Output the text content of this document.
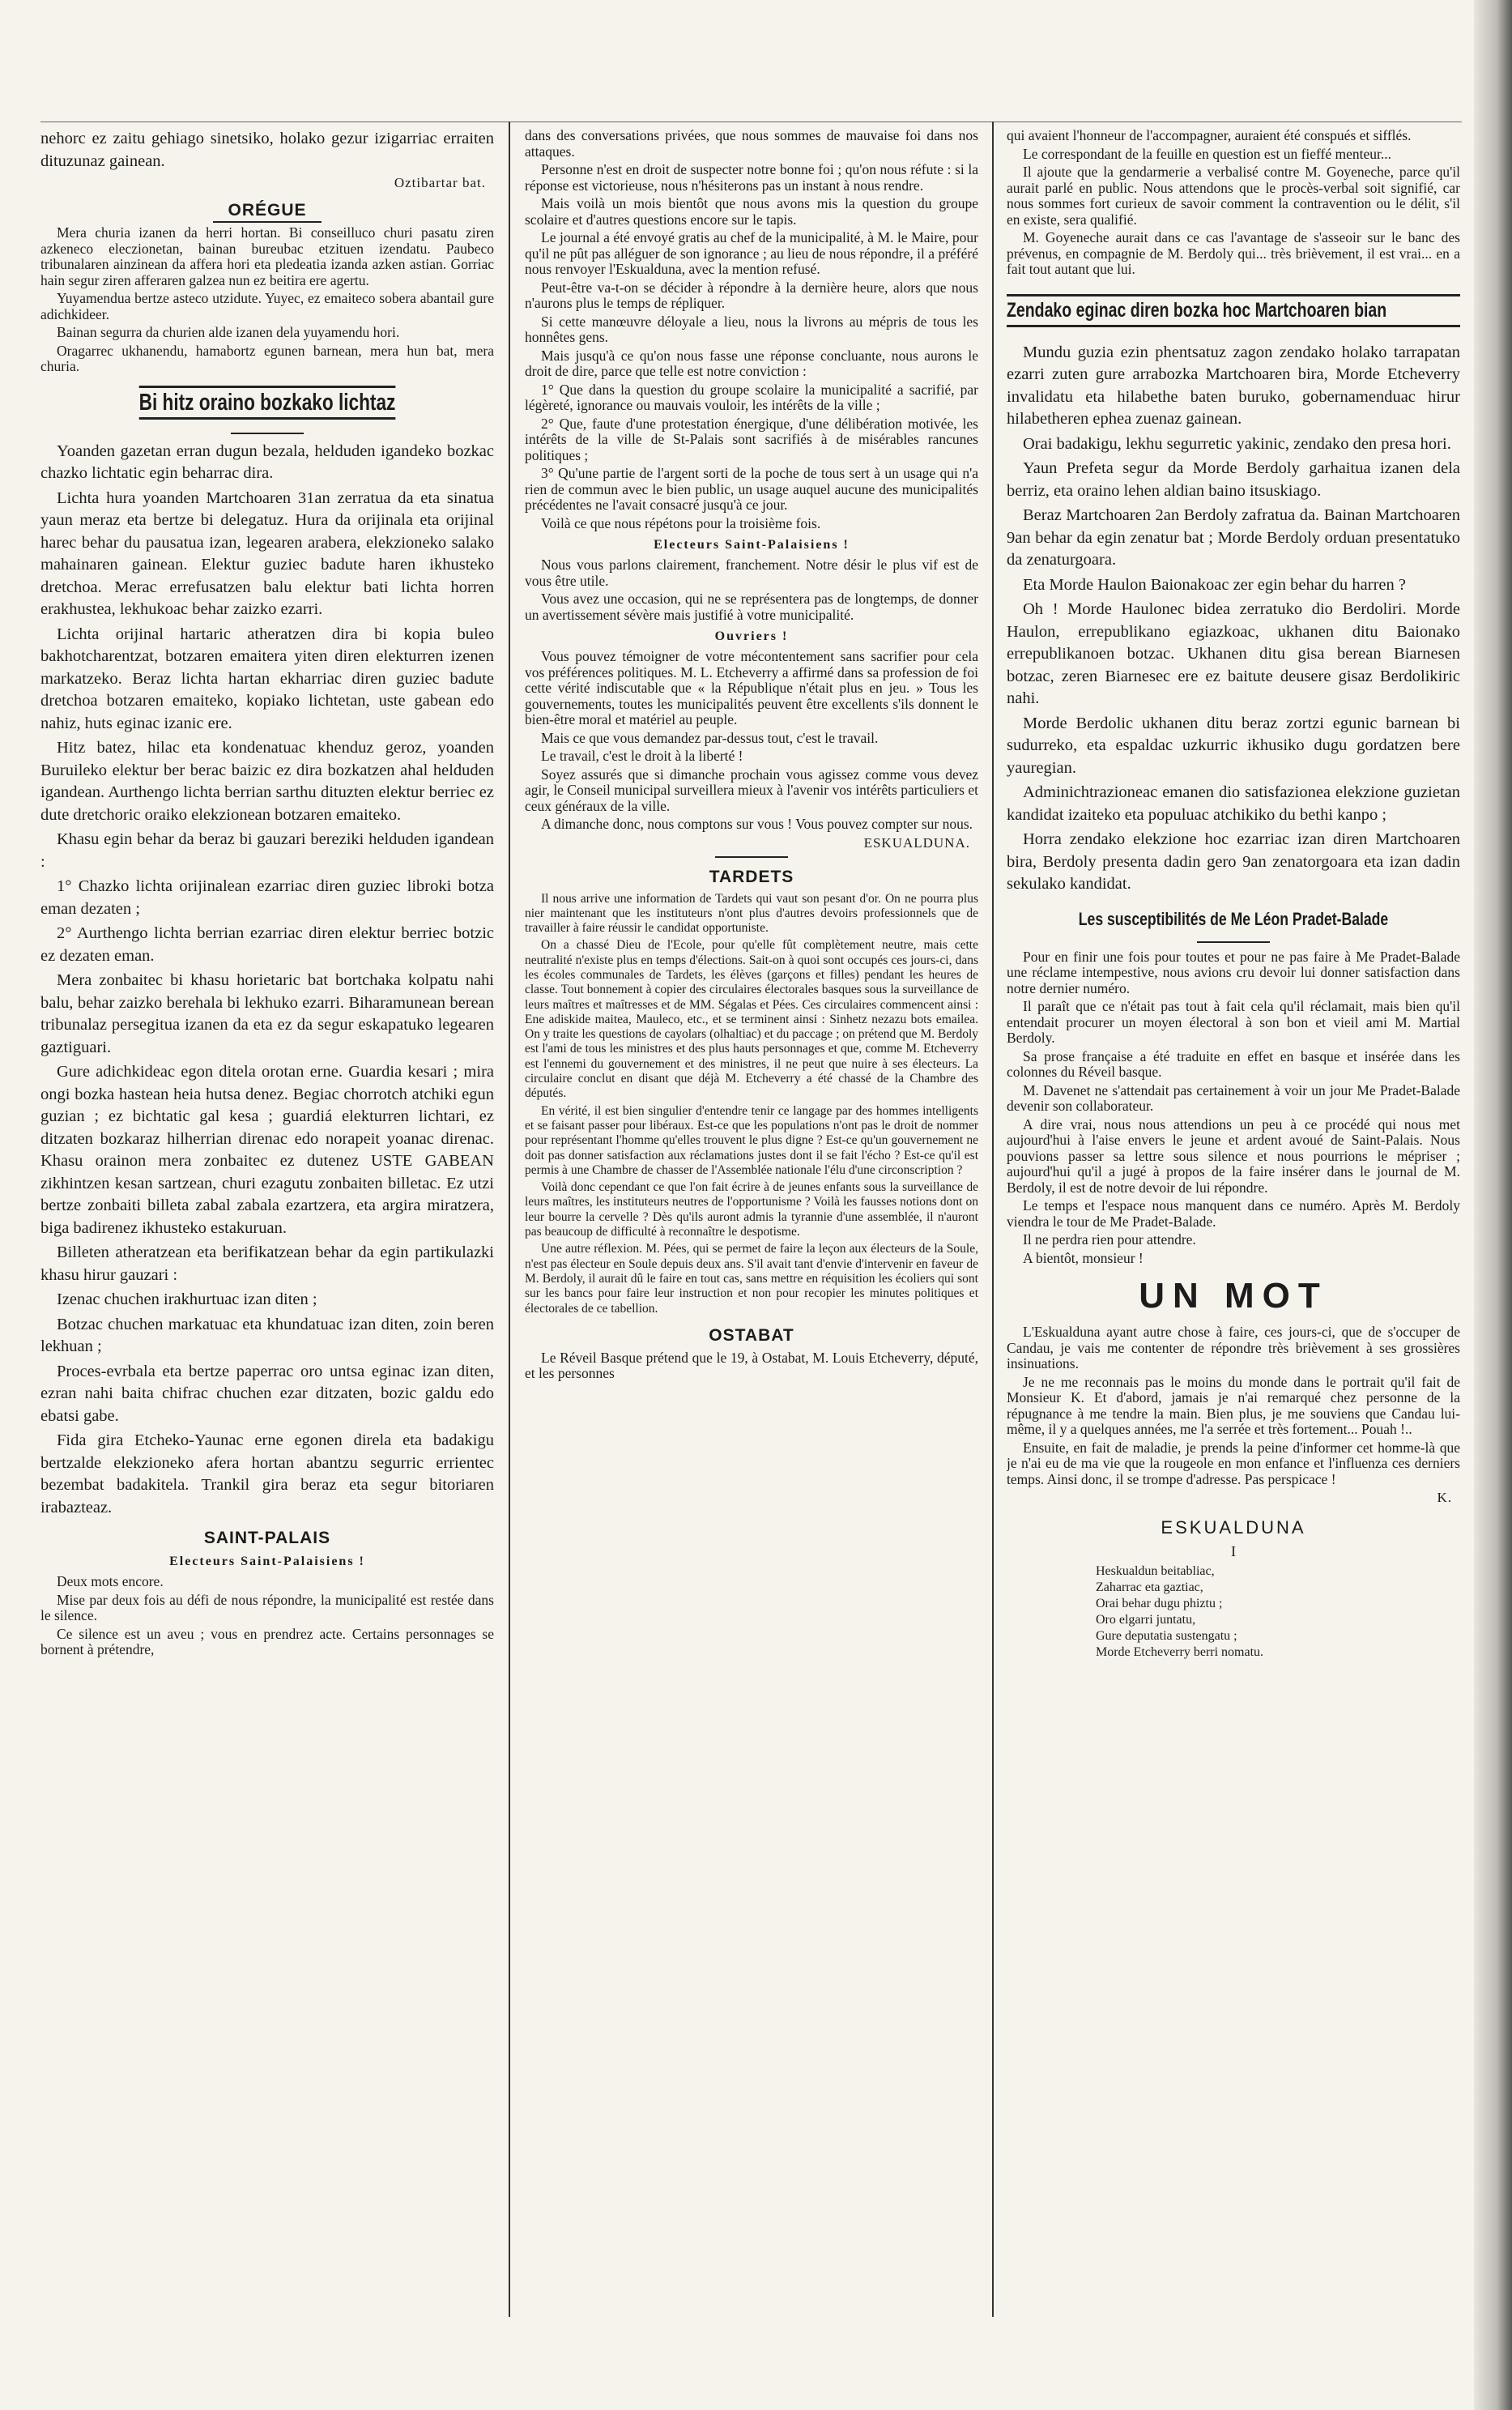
nehorc ez zaitu gehiago sinetsiko, holako gezur izigarriac erraiten dituzunaz gainean.

Oztibartar bat.

ORÉGUE

Mera churia izanen da herri hortan. Bi conseilluco churi pasatu ziren azkeneco eleczionetan, bainan bureubac etzituen izendatu. Paubeco tribunalaren ainzinean da affera hori eta pledeatia izanda azken astian. Gorriac hain segur ziren afferaren galzea nun ez beitira ere agertu.

Yuyamendua bertze asteco utzidute. Yuyec, ez emaiteco sobera abantail gure adichkideer.

Bainan segurra da churien alde izanen dela yuyamendu hori.

Oragarrec ukhanendu, hamabortz egunen barnean, mera hun bat, mera churia.

Bi hitz oraino bozkako lichtaz

Yoanden gazetan erran dugun bezala, helduden igandeko bozkac chazko lichtatic egin beharrac dira.

Lichta hura yoanden Martchoaren 31an zerratua da eta sinatua yaun meraz eta bertze bi delegatuz. Hura da orijinala eta orijinal harec behar du pausatua izan, legearen arabera, elekzioneko salako mahainaren gainean. Elektur guziec badute haren ikhusteko dretchoa. Merac errefusatzen balu elektur bati lichta horren erakhustea, lekhukoac behar zaizko ezarri.

Lichta orijinal hartaric atheratzen dira bi kopia buleo bakhotcharentzat, botzaren emaitera yiten diren elekturren izenen markatzeko. Beraz lichta hartan ekharriac diren guziec badute dretchoa botzaren emaiteko, kopiako lichtetan, uste gabean edo nahiz, huts eginac izanic ere.

Hitz batez, hilac eta kondenatuac khenduz geroz, yoanden Buruileko elektur ber berac baizic ez dira bozkatzen ahal helduden igandean. Aurthengo lichta berrian sarthu dituzten elektur berriec ez dute dretchoric oraiko elekzionean botzaren emaiteko.

Khasu egin behar da beraz bi gauzari bereziki helduden igandean :

1° Chazko lichta orijinalean ezarriac diren guziec libroki botza eman dezaten ;

2° Aurthengo lichta berrian ezarriac diren elektur berriec botzic ez dezaten eman.

Mera zonbaitec bi khasu horietaric bat bortchaka kolpatu nahi balu, behar zaizko berehala bi lekhuko ezarri. Biharamunean berean tribunalaz persegitua izanen da eta ez da segur eskapatuko legearen gaztiguari.

Gure adichkideac egon ditela orotan erne. Guardia kesari ; mira ongi bozka hastean heia hutsa denez. Begiac chorrotch atchiki egun guzian ; ez bichtatic gal kesa ; guardiá elekturren lichtari, ez ditzaten bozkaraz hilherrian direnac edo norapeit yoanac direnac. Khasu orainon mera zonbaitec ez dutenez USTE GABEAN zikhintzen kesan sartzean, churi ezagutu zonbaiten billetac. Ez utzi bertze zonbaiti billeta zabal zabala ezartzera, eta argira miratzera, biga badirenez ikhusteko estakuruan.

Billeten atheratzean eta berifikatzean behar da egin partikulazki khasu hirur gauzari :

Izenac chuchen irakhurtuac izan diten ;

Botzac chuchen markatuac eta khundatuac izan diten, zoin beren lekhuan ;

Proces-evrbala eta bertze paperrac oro untsa eginac izan diten, ezran nahi baita chifrac chuchen ezar ditzaten, bozic galdu edo ebatsi gabe.

Fida gira Etcheko-Yaunac erne egonen direla eta badakigu bertzalde elekzioneko afera hortan abantzu segurric errientec bezembat badakitela. Trankil gira beraz eta segur bitoriaren irabazteaz.

SAINT-PALAIS
Electeurs Saint-Palaisiens !

Deux mots encore.

Mise par deux fois au défi de nous répondre, la municipalité est restée dans le silence.

Ce silence est un aveu ; vous en prendrez acte. Certains personnages se bornent à prétendre,

dans des conversations privées, que nous sommes de mauvaise foi dans nos attaques.

Personne n'est en droit de suspecter notre bonne foi ; qu'on nous réfute : si la réponse est victorieuse, nous n'hésiterons pas un instant à nous rendre.

Mais voilà un mois bientôt que nous avons mis la question du groupe scolaire et d'autres questions encore sur le tapis.

Le journal a été envoyé gratis au chef de la municipalité, à M. le Maire, pour qu'il ne pût pas alléguer de son ignorance ; au lieu de nous répondre, il a préféré nous renvoyer l'Eskualduna, avec la mention refusé.

Peut-être va-t-on se décider à répondre à la dernière heure, alors que nous n'aurons plus le temps de répliquer.

Si cette manœuvre déloyale a lieu, nous la livrons au mépris de tous les honnêtes gens.

Mais jusqu'à ce qu'on nous fasse une réponse concluante, nous aurons le droit de dire, parce que telle est notre conviction :

1° Que dans la question du groupe scolaire la municipalité a sacrifié, par légèreté, ignorance ou mauvais vouloir, les intérêts de la ville ;

2° Que, faute d'une protestation énergique, d'une délibération motivée, les intérêts de la ville de St-Palais sont sacrifiés à de misérables rancunes politiques ;

3° Qu'une partie de l'argent sorti de la poche de tous sert à un usage qui n'a rien de commun avec le bien public, un usage auquel aucune des municipalités précédentes ne l'avait consacré jusqu'à ce jour.

Voilà ce que nous répétons pour la troisième fois.

Electeurs Saint-Palaisiens !

Nous vous parlons clairement, franchement. Notre désir le plus vif est de vous être utile.

Vous avez une occasion, qui ne se représentera pas de longtemps, de donner un avertissement sévère mais justifié à votre municipalité.

Ouvriers !

Vous pouvez témoigner de votre mécontentement sans sacrifier pour cela vos préférences politiques. M. L. Etcheverry a affirmé dans sa profession de foi cette vérité indiscutable que « la République n'était plus en jeu. » Tous les gouvernements, toutes les municipalités peuvent être excellents s'ils donnent le bien-être moral et matériel au peuple.

Mais ce que vous demandez par-dessus tout, c'est le travail.

Le travail, c'est le droit à la liberté !

Soyez assurés que si dimanche prochain vous agissez comme vous devez agir, le Conseil municipal surveillera mieux à l'avenir vos intérêts particuliers et ceux généraux de la ville.

A dimanche donc, nous comptons sur vous ! Vous pouvez compter sur nous.

ESKUALDUNA.

TARDETS

Il nous arrive une information de Tardets qui vaut son pesant d'or. On ne pourra plus nier maintenant que les instituteurs n'ont plus d'autres devoirs professionnels que de travailler à faire réussir le candidat opportuniste.

On a chassé Dieu de l'Ecole, pour qu'elle fût complètement neutre, mais cette neutralité n'existe plus en temps d'élections. Sait-on à quoi sont occupés ces jours-ci, dans les écoles communales de Tardets, les élèves (garçons et filles) pendant les heures de classe. Tout bonnement à copier des circulaires électorales basques sous la surveillance de leurs maîtres et maîtresses et de MM. Ségalas et Pées. Ces circulaires commencent ainsi : Ene adiskide maitea, Mauleco, etc., et se terminent ainsi : Sinhetz nezazu bots emailea. On y traite les questions de cayolars (olhaltiac) et du paccage ; on prétend que M. Berdoly est l'ami de tous les ministres et des plus hauts personnages et que, comme M. Etcheverry est l'ennemi du gouvernement et des ministres, il ne peut que nuire à ses électeurs. La circulaire conclut en disant que déjà M. Etcheverry a été chassé de la Chambre des députés.

En vérité, il est bien singulier d'entendre tenir ce langage par des hommes intelligents et se faisant passer pour libéraux. Est-ce que les populations n'ont pas le droit de nommer pour représentant l'homme qu'elles trouvent le plus digne ? Est-ce qu'un gouvernement ne doit pas donner satisfaction aux réclamations justes dont il se fait l'écho ? Est-ce qu'il est permis à une Chambre de chasser de l'Assemblée nationale l'élu d'une circonscription ?

Voilà donc cependant ce que l'on fait écrire à de jeunes enfants sous la surveillance de leurs maîtres, les instituteurs neutres de l'opportunisme ? Voilà les fausses notions dont on leur bourre la cervelle ? Dès qu'ils auront admis la tyrannie d'une assemblée, il n'auront pas beaucoup de difficulté à reconnaître le despotisme.

Une autre réflexion. M. Pées, qui se permet de faire la leçon aux électeurs de la Soule, n'est pas électeur en Soule depuis deux ans. S'il avait tant d'envie d'intervenir en faveur de M. Berdoly, il aurait dû le faire en tout cas, sans mettre en réquisition les écoliers qui sont sur les bancs pour faire leur instruction et non pour recopier les minutes politiques et électorales de ce tabellion.

OSTABAT

Le Réveil Basque prétend que le 19, à Ostabat, M. Louis Etcheverry, député, et les personnes

qui avaient l'honneur de l'accompagner, auraient été conspués et sifflés.

Le correspondant de la feuille en question est un fieffé menteur...

Il ajoute que la gendarmerie a verbalisé contre M. Goyeneche, parce qu'il aurait parlé en public. Nous attendons que le procès-verbal soit signifié, car nous sommes fort curieux de savoir comment la contravention ou le délit, s'il en existe, sera qualifié.

M. Goyeneche aurait dans ce cas l'avantage de s'asseoir sur le banc des prévenus, en compagnie de M. Berdoly qui... très brièvement, il est vrai... en a fait tout autant que lui.

Zendako eginac diren bozka hoc Martchoaren bian

Mundu guzia ezin phentsatuz zagon zendako holako tarrapatan ezarri zuten gure arrabozka Martchoaren bira, Morde Etcheverry invalidatu eta hilabethe baten buruko, gobernamenduac hirur hilabetheren ephea zuenaz gainean.

Orai badakigu, lekhu segurretic yakinic, zendako den presa hori.

Yaun Prefeta segur da Morde Berdoly garhaitua izanen dela berriz, eta oraino lehen aldian baino itsuskiago.

Beraz Martchoaren 2an Berdoly zafratua da. Bainan Martchoaren 9an behar da egin zenatur bat ; Morde Berdoly orduan presentatuko da zenaturgoara.

Eta Morde Haulon Baionakoac zer egin behar du harren ?

Oh ! Morde Haulonec bidea zerratuko dio Berdoliri. Morde Haulon, errepublikano egiazkoac, ukhanen ditu Baionako errepublikanoen botzac. Ukhanen ditu gisa berean Biarnesen botzac, zeren Biarnesec ere ez baitute deusere gisaz Berdolikiric nahi.

Morde Berdolic ukhanen ditu beraz zortzi egunic barnean bi sudurreko, eta espaldac uzkurric ikhusiko dugu gordatzen bere yauregian.

Adminichtrazioneac emanen dio satisfazionea elekzione guzietan kandidat izaiteko eta populuac atchikiko du bethi kanpo ;

Horra zendako elekzione hoc ezarriac izan diren Martchoaren bira, Berdoly presenta dadin gero 9an zenatorgoara eta izan dadin sekulako kandidat.

Les susceptibilités de Me Léon Pradet-Balade

Pour en finir une fois pour toutes et pour ne pas faire à Me Pradet-Balade une réclame intempestive, nous avions cru devoir lui donner satisfaction dans notre dernier numéro.

Il paraît que ce n'était pas tout à fait cela qu'il réclamait, mais bien qu'il entendait procurer un moyen électoral à son bon et vieil ami M. Martial Berdoly.

Sa prose française a été traduite en effet en basque et insérée dans les colonnes du Réveil basque.

M. Davenet ne s'attendait pas certainement à voir un jour Me Pradet-Balade devenir son collaborateur.

A dire vrai, nous nous attendions un peu à ce procédé qui nous met aujourd'hui à l'aise envers le jeune et ardent avoué de Saint-Palais. Nous pouvions passer sa lettre sous silence et nous pourrions le mépriser ; aujourd'hui qu'il a jugé à propos de la faire insérer dans le journal de M. Berdoly, il est de notre devoir de lui répondre.

Le temps et l'espace nous manquent dans ce numéro. Après M. Berdoly viendra le tour de Me Pradet-Balade.

Il ne perdra rien pour attendre.

A bientôt, monsieur !

UN MOT

L'Eskualduna ayant autre chose à faire, ces jours-ci, que de s'occuper de Candau, je vais me contenter de répondre très brièvement à ses grossières insinuations.

Je ne me reconnais pas le moins du monde dans le portrait qu'il fait de Monsieur K. Et d'abord, jamais je n'ai remarqué chez personne de la répugnance à me tendre la main. Bien plus, je me souviens que Candau lui-même, il y a quelques années, me l'a serrée et très fortement... Pouah !..

Ensuite, en fait de maladie, je prends la peine d'informer cet homme-là que je n'ai eu de ma vie que la rougeole en mon enfance et l'influenza ces derniers temps. Ainsi donc, il se trompe d'adresse. Pas perspicace !

K.

ESKUALDUNA
I
Heskualdun beitabliac,
Zaharrac eta gaztiac,
Orai behar dugu phiztu ;
Oro elgarri juntatu,
Gure deputatia sustengatu ;
Morde Etcheverry berri nomatu.
